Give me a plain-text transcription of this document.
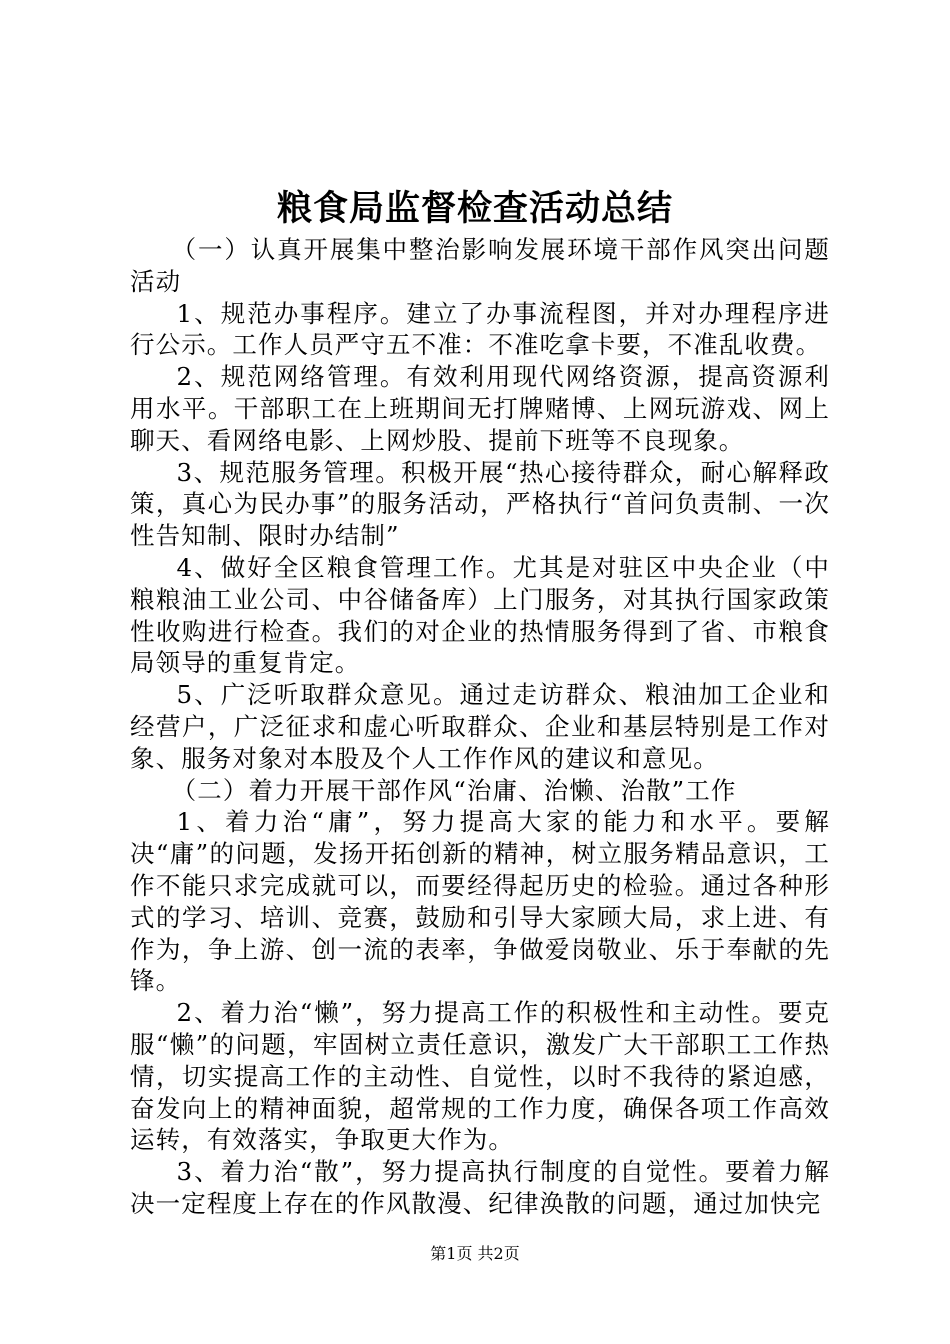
粮食局监督检查活动总结

（一）认真开展集中整治影响发展环境干部作风突出问题活动

1、规范办事程序。建立了办事流程图，并对办理程序进行公示。工作人员严守五不准：不准吃拿卡要，不准乱收费。

2、规范网络管理。有效利用现代网络资源，提高资源利用水平。干部职工在上班期间无打牌赌博、上网玩游戏、网上聊天、看网络电影、上网炒股、提前下班等不良现象。

3、规范服务管理。积极开展“热心接待群众，耐心解释政策，真心为民办事”的服务活动，严格执行“首问负责制、一次性告知制、限时办结制”

4、做好全区粮食管理工作。尤其是对驻区中央企业（中粮粮油工业公司、中谷储备库）上门服务，对其执行国家政策性收购进行检查。我们的对企业的热情服务得到了省、市粮食局领导的重复肯定。

5、广泛听取群众意见。通过走访群众、粮油加工企业和经营户，广泛征求和虚心听取群众、企业和基层特别是工作对象、服务对象对本股及个人工作作风的建议和意见。

（二）着力开展干部作风“治庸、治懒、治散”工作

1、着力治“庸”，努力提高大家的能力和水平。要解决“庸”的问题，发扬开拓创新的精神，树立服务精品意识，工作不能只求完成就可以，而要经得起历史的检验。通过各种形式的学习、培训、竞赛，鼓励和引导大家顾大局，求上进、有作为，争上游、创一流的表率，争做爱岗敬业、乐于奉献的先锋。

2、着力治“懒”，努力提高工作的积极性和主动性。要克服“懒”的问题，牢固树立责任意识，激发广大干部职工工作热情，切实提高工作的主动性、自觉性，以时不我待的紧迫感，奋发向上的精神面貌，超常规的工作力度，确保各项工作高效运转，有效落实，争取更大作为。

3、着力治“散”，努力提高执行制度的自觉性。要着力解决一定程度上存在的作风散漫、纪律涣散的问题，通过加快完

第1页 共2页
